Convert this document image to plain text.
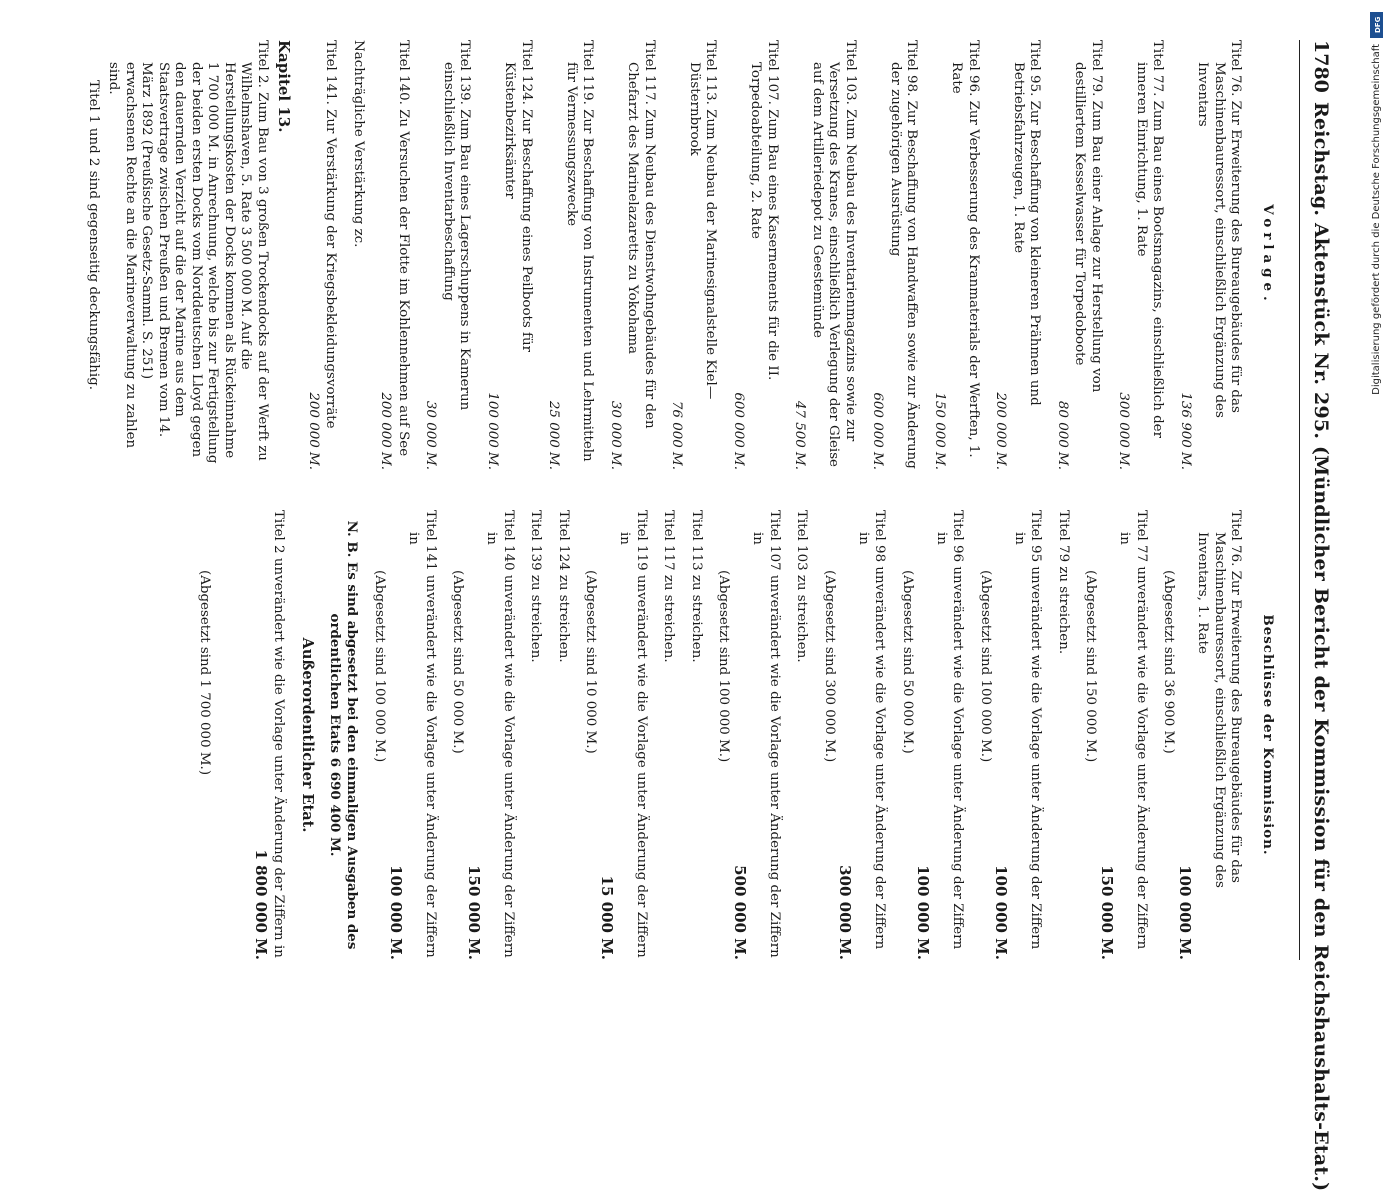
1780
Reichstag. Aktenstück Nr. 295. (Mündlicher Bericht der Kommission für den Reichshaushalts-Etat.)
Vorlage.
Titel 76. Zur Erweiterung des Bureaugebäudes für das Maschinenbauressort, einschließlich Ergänzung des Inventars
136 900 M.
Titel 77. Zum Bau eines Bootsmagazins, einschließlich der inneren Einrichtung, 1. Rate
300 000 M.
Titel 79. Zum Bau einer Anlage zur Herstellung von destilliertem Kesselwasser für Torpedoboote
80 000 M.
Titel 95. Zur Beschaffung von kleineren Prähmen und Betriebsfahrzeugen, 1. Rate
200 000 M.
Titel 96. Zur Verbesserung des Kranmaterials der Werften, 1. Rate
150 000 M.
Titel 98. Zur Beschaffung von Handwaffen sowie zur Änderung der zugehörigen Ausrüstung
600 000 M.
Titel 103. Zum Neubau des Inventarienmagazins sowie zur Versetzung des Kranes, einschließlich Verlegung der Gleise auf dem Artilleriedepot zu Geestemünde
47 500 M.
Titel 107. Zum Bau eines Kasernements für die II. Torpedoabteilung, 2. Rate
600 000 M.
Titel 113. Zum Neubau der Marinesignalstelle Kiel—Düsternbrook
76 000 M.
Titel 117. Zum Neubau des Dienstwohngebäudes für den Chefarzt des Marinelazaretts zu Yokohama
30 000 M.
Titel 119. Zur Beschaffung von Instrumenten und Lehrmitteln für Vermessungszwecke
25 000 M.
Titel 124. Zur Beschaffung eines Peilboots für Küstenbezirksämter
100 000 M.
Titel 139. Zum Bau eines Lagerschuppens in Kamerun einschließlich Inventarbeschaffung
30 000 M.
Titel 140. Zu Versuchen der Flotte im Kohlennehmen auf See
200 000 M.
Nachträgliche Verstärkung zc.
Titel 141. Zur Verstärkung der Kriegsbekleidungsvorräte
200 000 M.
Kapitel 13.
Titel 2. Zum Bau von 3 großen Trockendocks auf der Werft zu Wilhelmshaven, 5. Rate 3 500 000 M. Auf die Herstellungskosten der Docks kommen als Rückeinnahme 1 700 000 M. in Anrechnung, welche bis zur Fertigstellung der beiden ersten Docks vom Norddeutschen Lloyd gegen den dauernden Verzicht auf die der Marine aus dem Staatsvertrage zwischen Preußen und Bremen vom 14. März 1892 (Preußische Gesetz-Samml. S. 251) erwachsenen Rechte an die Marineverwaltung zu zahlen sind.
Titel 1 und 2 sind gegenseitig deckungsfähig.
Beschlüsse der Kommission.
Titel 76. Zur Erweiterung des Bureaugebäudes für das Maschinenbauressort, einschließlich Ergänzung des Inventars, 1. Rate
100 000 M.
(Abgesetzt sind 36 900 M.)
Titel 77 unverändert wie die Vorlage unter Änderung der Ziffern in
150 000 M.
(Abgesetzt sind 150 000 M.)
Titel 79 zu streichen.
Titel 95 unverändert wie die Vorlage unter Änderung der Ziffern in
100 000 M.
(Abgesetzt sind 100 000 M.)
Titel 96 unverändert wie die Vorlage unter Änderung der Ziffern in
100 000 M.
(Abgesetzt sind 50 000 M.)
Titel 98 unverändert wie die Vorlage unter Änderung der Ziffern in
300 000 M.
(Abgesetzt sind 300 000 M.)
Titel 103 zu streichen.
Titel 107 unverändert wie die Vorlage unter Änderung der Ziffern in
500 000 M.
(Abgesetzt sind 100 000 M.)
Titel 113 zu streichen.
Titel 117 zu streichen.
Titel 119 unverändert wie die Vorlage unter Änderung der Ziffern in
15 000 M.
(Abgesetzt sind 10 000 M.)
Titel 124 zu streichen.
Titel 139 zu streichen.
Titel 140 unverändert wie die Vorlage unter Änderung der Ziffern in
150 000 M.
(Abgesetzt sind 50 000 M.)
Titel 141 unverändert wie die Vorlage unter Änderung der Ziffern in
100 000 M.
(Abgesetzt sind 100 000 M.)
N. B. Es sind abgesetzt bei den einmaligen Ausgaben des ordentlichen Etats 6 690 400 M.
Außerordentlicher Etat.
Titel 2 unverändert wie die Vorlage unter Änderung der Ziffern in
1 800 000 M.
(Abgesetzt sind 1 700 000 M.)
DFG
Digitalisierung gefördert durch die Deutsche Forschungsgemeinschaft
